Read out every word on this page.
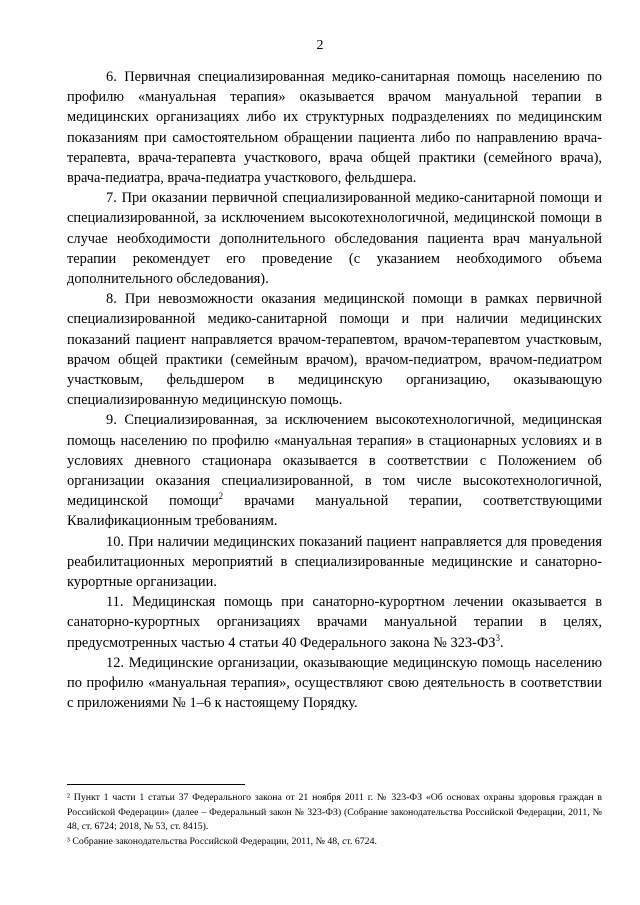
2

6. Первичная специализированная медико-санитарная помощь населению по профилю «мануальная терапия» оказывается врачом мануальной терапии в медицинских организациях либо их структурных подразделениях по медицинским показаниям при самостоятельном обращении пациента либо по направлению врача-терапевта, врача-терапевта участкового, врача общей практики (семейного врача), врача-педиатра, врача-педиатра участкового, фельдшера.

7. При оказании первичной специализированной медико-санитарной помощи и специализированной, за исключением высокотехнологичной, медицинской помощи в случае необходимости дополнительного обследования пациента врач мануальной терапии рекомендует его проведение (с указанием необходимого объема дополнительного обследования).

8. При невозможности оказания медицинской помощи в рамках первичной специализированной медико-санитарной помощи и при наличии медицинских показаний пациент направляется врачом-терапевтом, врачом-терапевтом участковым, врачом общей практики (семейным врачом), врачом-педиатром, врачом-педиатром участковым, фельдшером в медицинскую организацию, оказывающую специализированную медицинскую помощь.

9. Специализированная, за исключением высокотехнологичной, медицинская помощь населению по профилю «мануальная терапия» в стационарных условиях и в условиях дневного стационара оказывается в соответствии с Положением об организации оказания специализированной, в том числе высокотехнологичной, медицинской помощи$^2$ врачами мануальной терапии, соответствующими Квалификационным требованиям.

10. При наличии медицинских показаний пациент направляется для проведения реабилитационных мероприятий в специализированные медицинские и санаторно-курортные организации.

11. Медицинская помощь при санаторно-курортном лечении оказывается в санаторно-курортных организациях врачами мануальной терапии в целях, предусмотренных частью 4 статьи 40 Федерального закона № $323-ФЗ^3$.

12. Медицинские организации, оказывающие медицинскую помощь населению по профилю «мануальная терапия», осуществляют свою деятельность в соответствии с приложениями № 1–6 к настоящему Порядку.

² Пункт 1 части 1 статьи 37 Федерального закона от 21 ноября 2011 г. № 323-ФЗ «Об основах охраны здоровья граждан в Российской Федерации» (далее – Федеральный закон № 323-ФЗ) (Собрание законодательства Российской Федерации, 2011, № 48, ст. 6724; 2018, № 53, ст. 8415).

³ Собрание законодательства Российской Федерации, 2011, № 48, ст. 6724.
